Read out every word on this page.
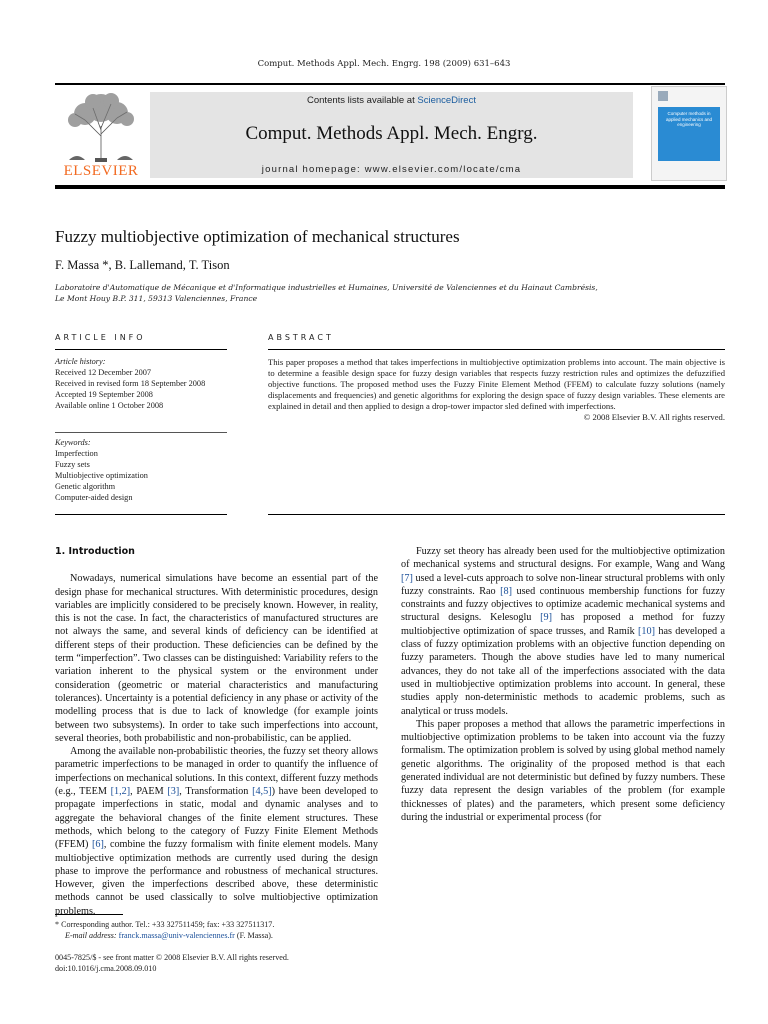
Comput. Methods Appl. Mech. Engrg. 198 (2009) 631–643
ELSEVIER
Contents lists available at ScienceDirect
Comput. Methods Appl. Mech. Engrg.
journal homepage: www.elsevier.com/locate/cma
Computer methods in applied mechanics and engineering
Fuzzy multiobjective optimization of mechanical structures
F. Massa *, B. Lallemand, T. Tison
Laboratoire d'Automatique de Mécanique et d'Informatique industrielles et Humaines, Université de Valenciennes et du Hainaut Cambrésis,
Le Mont Houy B.P. 311, 59313 Valenciennes, France
ARTICLE INFO	ABSTRACT
Article history:
Received 12 December 2007
Received in revised form 18 September 2008
Accepted 19 September 2008
Available online 1 October 2008
Keywords:
Imperfection
Fuzzy sets
Multiobjective optimization
Genetic algorithm
Computer-aided design
This paper proposes a method that takes imperfections in multiobjective optimization problems into account. The main objective is to determine a feasible design space for fuzzy design variables that respects fuzzy restriction rules and optimizes the defuzzified objective functions. The proposed method uses the Fuzzy Finite Element Method (FFEM) to calculate fuzzy solutions (namely displacements and frequencies) and genetic algorithms for exploring the design space of fuzzy design variables. These elements are explained in detail and then applied to design a drop-tower impactor sled defined with imperfections.
© 2008 Elsevier B.V. All rights reserved.
1. Introduction

Nowadays, numerical simulations have become an essential part of the design phase for mechanical structures. With deterministic procedures, design variables are implicitly considered to be precisely known. However, in reality, this is not the case. In fact, the characteristics of manufactured structures are not always the same, and several kinds of deficiency can be identified at different steps of their production. These deficiencies can be defined by the term “imperfection”. Two classes can be distinguished: Variability refers to the variation inherent to the physical system or the environment under consideration (geometric or material characteristics and manufacturing tolerances). Uncertainty is a potential deficiency in any phase or activity of the modelling process that is due to lack of knowledge (for example joints between two subsystems). In order to take such imperfections into account, several theories, both probabilistic and non-probabilistic, can be applied.

Among the available non-probabilistic theories, the fuzzy set theory allows parametric imperfections to be managed in order to quantify the influence of imperfections on mechanical solutions. In this context, different fuzzy methods (e.g., TEEM [1,2], PAEM [3], Transformation [4,5]) have been developed to propagate imperfections in static, modal and dynamic analyses and to aggregate the behavioral changes of the finite element structures. These methods, which belong to the category of Fuzzy Finite Element Methods (FFEM) [6], combine the fuzzy formalism with finite element models. Many multiobjective optimization methods are currently used during the design phase to improve the performance and robustness of mechanical structures. However, given the imperfections described above, these deterministic methods cannot be used classically to solve multiobjective optimization problems.

Fuzzy set theory has already been used for the multiobjective optimization of mechanical systems and structural designs. For example, Wang and Wang [7] used a level-cuts approach to solve non-linear structural problems with only fuzzy constraints. Rao [8] used continuous membership functions for fuzzy constraints and fuzzy objectives to optimize academic mechanical systems and structural designs. Kelesoglu [9] has proposed a method for fuzzy multiobjective optimization of space trusses, and Ramík [10] has developed a class of fuzzy optimization problems with an objective function depending on fuzzy parameters. Though the above studies have led to many numerical advances, they do not take all of the imperfections associated with the data used in multiobjective optimization problems into account. In general, these studies apply non-deterministic methods to academic problems, such as analytical or truss models.

This paper proposes a method that allows the parametric imperfections in multiobjective optimization problems to be taken into account via the fuzzy formalism. The optimization problem is solved by using global method namely genetic algorithms. The originality of the proposed method is that each generated individual are not deterministic but defined by fuzzy numbers. These fuzzy data represent the design variables of the problem (for example thicknesses of plates) and the parameters, which present some deficiency during the industrial or experimental process (for

* Corresponding author. Tel.: +33 327511459; fax: +33 327511317.
E-mail address: franck.massa@univ-valenciennes.fr (F. Massa).
0045-7825/$ - see front matter © 2008 Elsevier B.V. All rights reserved.
doi:10.1016/j.cma.2008.09.010
